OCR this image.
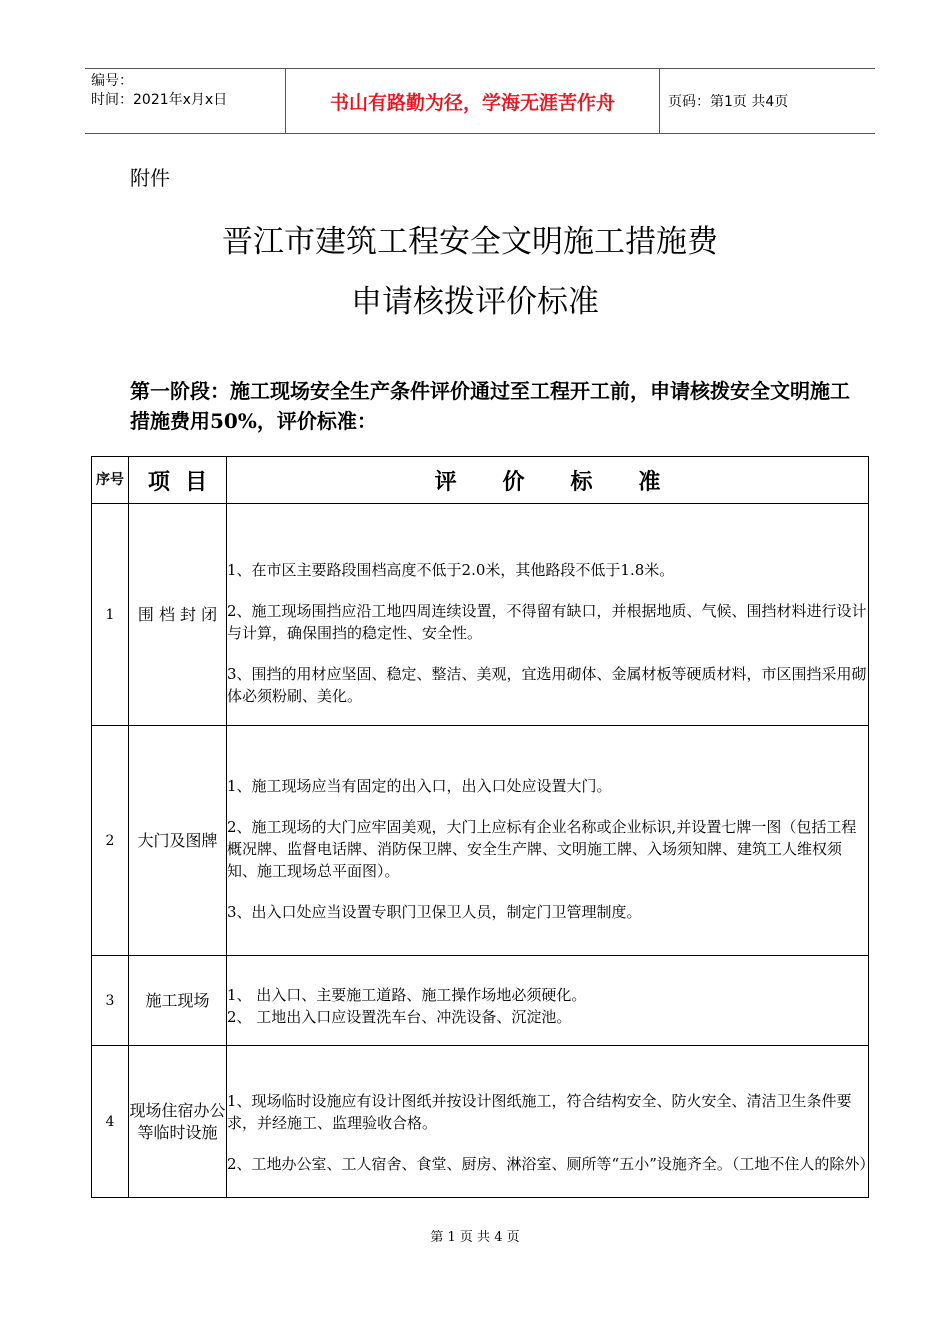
编号：
时间：2021年x月x日	书山有路勤为径，学海无涯苦作舟	页码：第1页 共4页
附件
晋江市建筑工程安全文明施工措施费
申请核拨评价标准
第一阶段：施工现场安全生产条件评价通过至工程开工前，申请核拨安全文明施工措施费用50%，评价标准：
序号	项  目	评      价      标      准
1	围 档 封 闭	1、在市区主要路段围档高度不低于2.0米，其他路段不低于1.8米。

2、施工现场围挡应沿工地四周连续设置，不得留有缺口，并根据地质、气候、围挡材料进行设计与计算，确保围挡的稳定性、安全性。

3、围挡的用材应坚固、稳定、整洁、美观，宜选用砌体、金属材板等硬质材料，市区围挡采用砌体必须粉刷、美化。

2	大门及图牌	1、施工现场应当有固定的出入口，出入口处应设置大门。

2、施工现场的大门应牢固美观，大门上应标有企业名称或企业标识,并设置七牌一图（包括工程概况牌、监督电话牌、消防保卫牌、安全生产牌、文明施工牌、入场须知牌、建筑工人维权须知、施工现场总平面图）。

3、出入口处应当设置专职门卫保卫人员，制定门卫管理制度。

3	施工现场	1、 出入口、主要施工道路、施工操作场地必须硬化。

2、 工地出入口应设置洗车台、冲洗设备、沉淀池。

4	现场住宿办公等临时设施	1、现场临时设施应有设计图纸并按设计图纸施工，符合结构安全、防火安全、清洁卫生条件要求，并经施工、监理验收合格。

2、工地办公室、工人宿舍、食堂、厨房、淋浴室、厕所等“五小”设施齐全。（工地不住人的除外）

第 1 页 共 4 页
